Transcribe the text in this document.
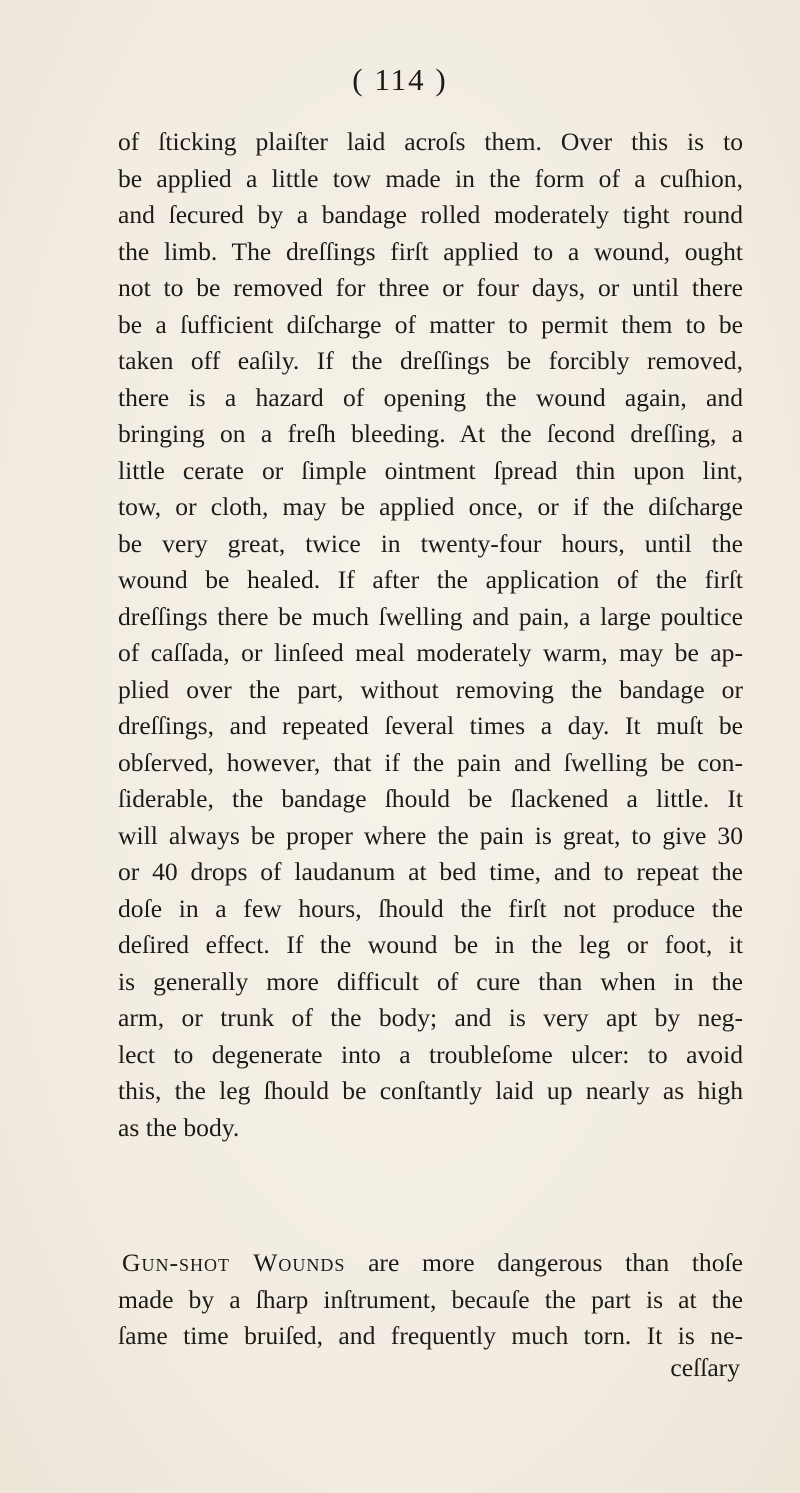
( 114 )
of ſticking plaiſter laid acroſs them. Over this is to
be applied a little tow made in the form of a cuſhion,
and ſecured by a bandage rolled moderately tight round
the limb. The dreſſings firſt applied to a wound, ought
not to be removed for three or four days, or until there
be a ſufficient diſcharge of matter to permit them to be
taken off eaſily. If the dreſſings be forcibly removed,
there is a hazard of opening the wound again, and
bringing on a freſh bleeding. At the ſecond dreſſing, a
little cerate or ſimple ointment ſpread thin upon lint,
tow, or cloth, may be applied once, or if the diſcharge
be very great, twice in twenty-four hours, until the
wound be healed. If after the application of the firſt
dreſſings there be much ſwelling and pain, a large poultice
of caſſada, or linſeed meal moderately warm, may be ap-
plied over the part, without removing the bandage or
dreſſings, and repeated ſeveral times a day. It muſt be
obſerved, however, that if the pain and ſwelling be con-
ſiderable, the bandage ſhould be ſlackened a little. It
will always be proper where the pain is great, to give 30
or 40 drops of laudanum at bed time, and to repeat the
doſe in a few hours, ſhould the firſt not produce the
deſired effect. If the wound be in the leg or foot, it
is generally more difficult of cure than when in the
arm, or trunk of the body; and is very apt by neg-
lect to degenerate into a troubleſome ulcer: to avoid
this, the leg ſhould be conſtantly laid up nearly as high
as the body.
Gun-shot Wounds are more dangerous than thoſe
made by a ſharp inſtrument, becauſe the part is at the
ſame time bruiſed, and frequently much torn. It is ne-
ceſſary
